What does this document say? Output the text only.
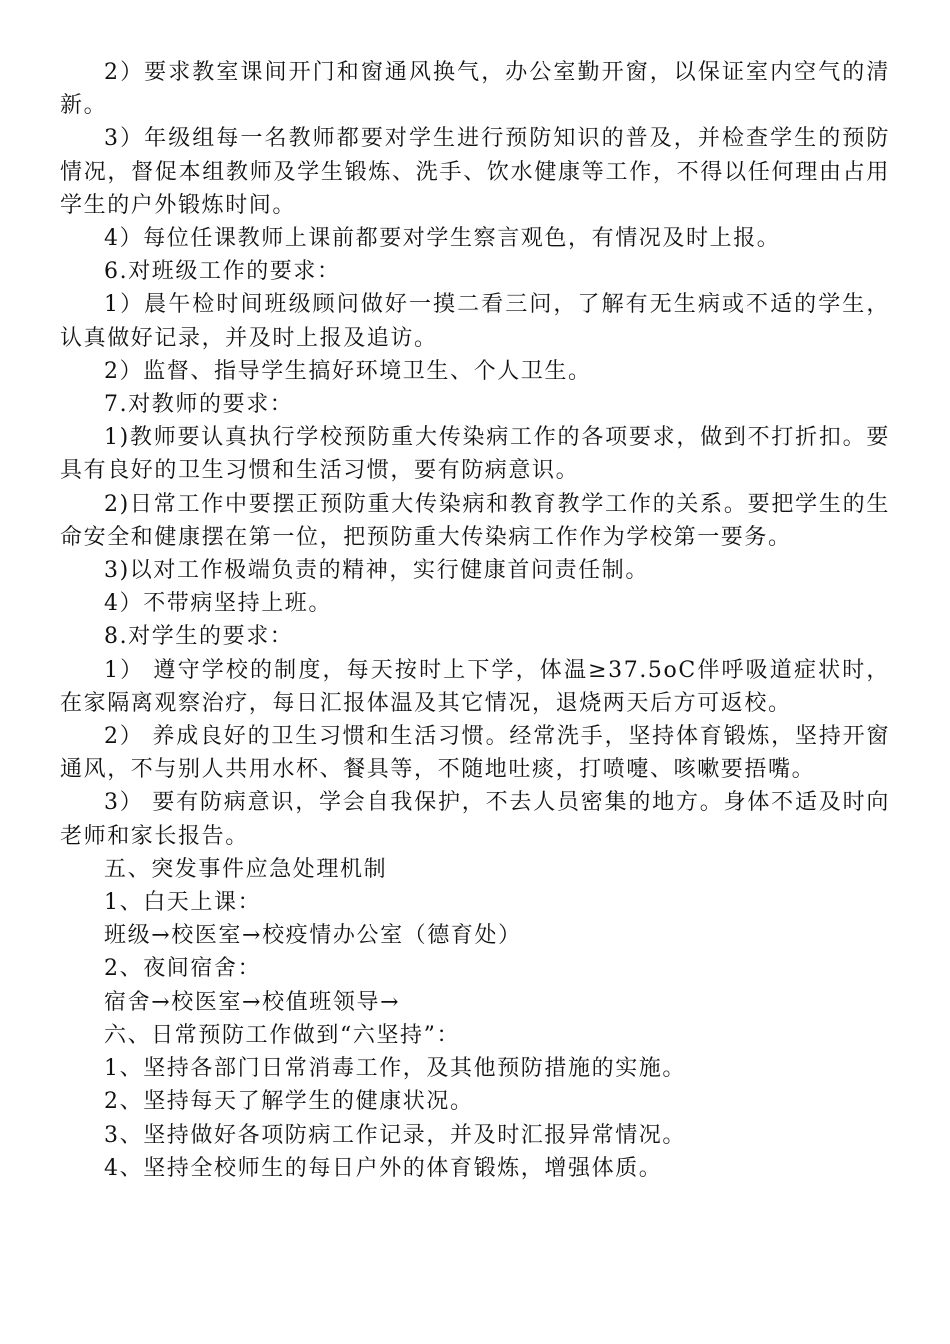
2）要求教室课间开门和窗通风换气，办公室勤开窗，以保证室内空气的清新。

3）年级组每一名教师都要对学生进行预防知识的普及，并检查学生的预防情况，督促本组教师及学生锻炼、洗手、饮水健康等工作，不得以任何理由占用学生的户外锻炼时间。

4）每位任课教师上课前都要对学生察言观色，有情况及时上报。

6.对班级工作的要求：

1）晨午检时间班级顾问做好一摸二看三问，了解有无生病或不适的学生，认真做好记录，并及时上报及追访。

2）监督、指导学生搞好环境卫生、个人卫生。

7.对教师的要求：

1)教师要认真执行学校预防重大传染病工作的各项要求，做到不打折扣。要具有良好的卫生习惯和生活习惯，要有防病意识。

2)日常工作中要摆正预防重大传染病和教育教学工作的关系。要把学生的生命安全和健康摆在第一位，把预防重大传染病工作作为学校第一要务。

3)以对工作极端负责的精神，实行健康首问责任制。

4）不带病坚持上班。

8.对学生的要求：

1） 遵守学校的制度，每天按时上下学，体温≥37.5oC伴呼吸道症状时，在家隔离观察治疗，每日汇报体温及其它情况，退烧两天后方可返校。

2） 养成良好的卫生习惯和生活习惯。经常洗手，坚持体育锻炼，坚持开窗通风，不与别人共用水杯、餐具等，不随地吐痰，打喷嚏、咳嗽要捂嘴。

3） 要有防病意识，学会自我保护，不去人员密集的地方。身体不适及时向老师和家长报告。

五、突发事件应急处理机制

1、白天上课：

班级→校医室→校疫情办公室（德育处）

2、夜间宿舍：

宿舍→校医室→校值班领导→

六、日常预防工作做到“六坚持”：

1、坚持各部门日常消毒工作，及其他预防措施的实施。

2、坚持每天了解学生的健康状况。

3、坚持做好各项防病工作记录，并及时汇报异常情况。

4、坚持全校师生的每日户外的体育锻炼，增强体质。
